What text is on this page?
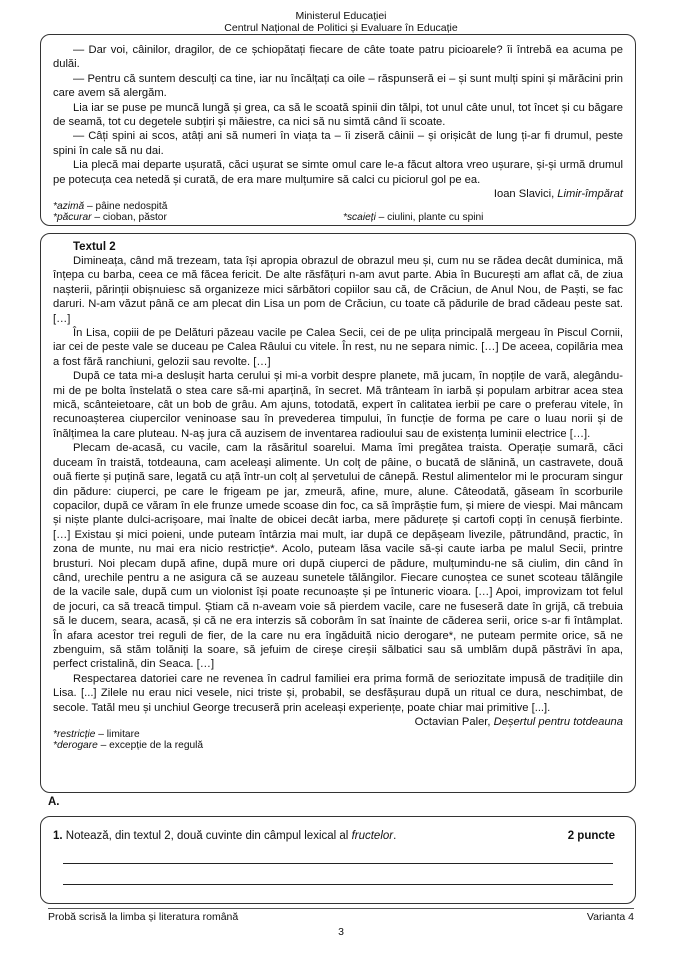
Ministerul Educației
Centrul Național de Politici și Evaluare în Educație

— Dar voi, câinilor, dragilor, de ce șchiopătați fiecare de câte toate patru picioarele? îi întrebă ea acuma pe dulăi.

— Pentru că suntem desculți ca tine, iar nu încălțați ca oile – răspunseră ei – și sunt mulți spini și mărăcini prin care avem să alergăm.

Lia iar se puse pe muncă lungă și grea, ca să le scoată spinii din tălpi, tot unul câte unul, tot încet și cu băgare de seamă, tot cu degetele subțiri și măiestre, ca nici să nu simtă când îi scoate.

— Câți spini ai scos, atâți ani să numeri în viața ta – îi ziseră câinii – și orișicât de lung ți-ar fi drumul, peste spini în cale să nu dai.

Lia plecă mai departe ușurată, căci ușurat se simte omul care le-a făcut altora vreo ușurare, și-și urmă drumul pe potecuța cea netedă și curată, de era mare mulțumire să calci cu piciorul gol pe ea.

Ioan Slavici, Limir-împărat
*azimă – pâine nedospită
*păcurar – cioban, păstor	*scaieți – ciulini, plante cu spini
Textul 2

Dimineața, când mă trezeam, tata își apropia obrazul de obrazul meu și, cum nu se rădea decât duminica, mă înțepa cu barba, ceea ce mă făcea fericit. De alte răsfățuri n-am avut parte. Abia în București am aflat că, de ziua nașterii, părinții obișnuiesc să organizeze mici sărbători copiilor sau că, de Crăciun, de Anul Nou, de Paști, se fac daruri. N-am văzut până ce am plecat din Lisa un pom de Crăciun, cu toate că pădurile de brad cădeau peste sat. […]

În Lisa, copiii de pe Delături păzeau vacile pe Calea Secii, cei de pe ulița principală mergeau în Piscul Cornii, iar cei de peste vale se duceau pe Calea Râului cu vitele. În rest, nu ne separa nimic. […] De aceea, copilăria mea a fost fără ranchiuni, gelozii sau revolte. […]

După ce tata mi-a deslușit harta cerului și mi-a vorbit despre planete, mă jucam, în nopțile de vară, alegându-mi de pe bolta înstelată o stea care să-mi aparțină, în secret. Mă trânteam în iarbă și populam arbitrar acea stea mică, scânteietoare, cât un bob de grâu. Am ajuns, totodată, expert în calitatea ierbii pe care o preferau vitele, în recunoașterea ciupercilor veninoase sau în prevederea timpului, în funcție de forma pe care o luau norii și de înălțimea la care pluteau. N-aș jura că auzisem de inventarea radioului sau de existența luminii electrice […].

Plecam de-acasă, cu vacile, cam la răsăritul soarelui. Mama îmi pregătea traista. Operație sumară, căci duceam în traistă, totdeauna, cam aceleași alimente. Un colț de pâine, o bucată de slănină, un castravete, două ouă fierte și puțină sare, legată cu ață într-un colț al șervetului de cânepă. Restul alimentelor mi le procuram singur din pădure: ciuperci, pe care le frigeam pe jar, zmeură, afine, mure, alune. Câteodată, găseam în scorburile copacilor, după ce văram în ele frunze umede scoase din foc, ca să împrăștie fum, și miere de viespi. Mai mâncam și niște plante dulci-acrișoare, mai înalte de obicei decât iarba, mere pădurețe și cartofi copți în cenușă fierbinte. […] Existau și mici poieni, unde puteam întârzia mai mult, iar după ce depășeam livezile, pătrundând, practic, în zona de munte, nu mai era nicio restricție*. Acolo, puteam lăsa vacile să-și caute iarba pe malul Secii, printre brusturi. Noi plecam după afine, după mure ori după ciuperci de pădure, mulțumindu-ne să ciulim, din când în când, urechile pentru a ne asigura că se auzeau sunetele tălăngilor. Fiecare cunoștea ce sunet scoteau tălăngile de la vacile sale, după cum un violonist își poate recunoaște și pe întuneric vioara. […] Apoi, improvizam tot felul de jocuri, ca să treacă timpul. Știam că n-aveam voie să pierdem vacile, care ne fuseseră date în grijă, că trebuia să le ducem, seara, acasă, și că ne era interzis să coborâm în sat înainte de căderea serii, orice s-ar fi întâmplat. În afara acestor trei reguli de fier, de la care nu era îngăduită nicio derogare*, ne puteam permite orice, să ne zbenguim, să stăm tolăniți la soare, să jefuim de cireșe cireșii sălbatici sau să umblăm după păstrăvi în apa, perfect cristalină, din Seaca. […]

Respectarea datoriei care ne revenea în cadrul familiei era prima formă de seriozitate impusă de tradițiile din Lisa. [...] Zilele nu erau nici vesele, nici triste și, probabil, se desfășurau după un ritual ce dura, neschimbat, de secole. Tatăl meu și unchiul George trecuseră prin aceleași experiențe, poate chiar mai primitive [...].

Octavian Paler, Deșertul pentru totdeauna
*restricție – limitare
*derogare – excepție de la regulă
A.
1. Notează, din textul 2, două cuvinte din câmpul lexical al fructelor.	2 puncte
Probă scrisă la limba și literatura română	Varianta 4
3
